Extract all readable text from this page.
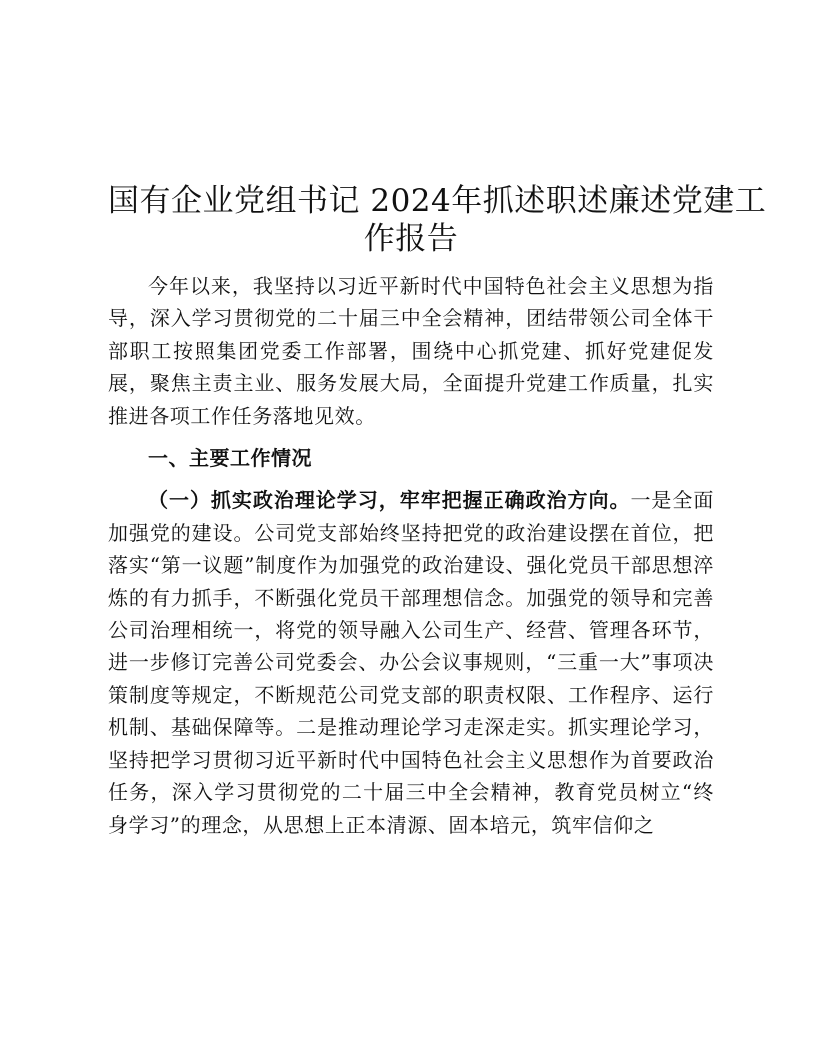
国有企业党组书记 2024年抓述职述廉述党建工
作报告

今年以来，我坚持以习近平新时代中国特色社会主义思想为指导，深入学习贯彻党的二十届三中全会精神，团结带领公司全体干部职工按照集团党委工作部署，围绕中心抓党建、抓好党建促发展，聚焦主责主业、服务发展大局，全面提升党建工作质量，扎实推进各项工作任务落地见效。

一、主要工作情况

（一）抓实政治理论学习，牢牢把握正确政治方向。一是全面加强党的建设。公司党支部始终坚持把党的政治建设摆在首位，把落实“第一议题”制度作为加强党的政治建设、强化党员干部思想淬炼的有力抓手，不断强化党员干部理想信念。加强党的领导和完善公司治理相统一，将党的领导融入公司生产、经营、管理各环节，进一步修订完善公司党委会、办公会议事规则，“三重一大”事项决策制度等规定，不断规范公司党支部的职责权限、工作程序、运行机制、基础保障等。二是推动理论学习走深走实。抓实理论学习，坚持把学习贯彻习近平新时代中国特色社会主义思想作为首要政治任务，深入学习贯彻党的二十届三中全会精神，教育党员树立“终身学习”的理念，从思想上正本清源、固本培元，筑牢信仰之
